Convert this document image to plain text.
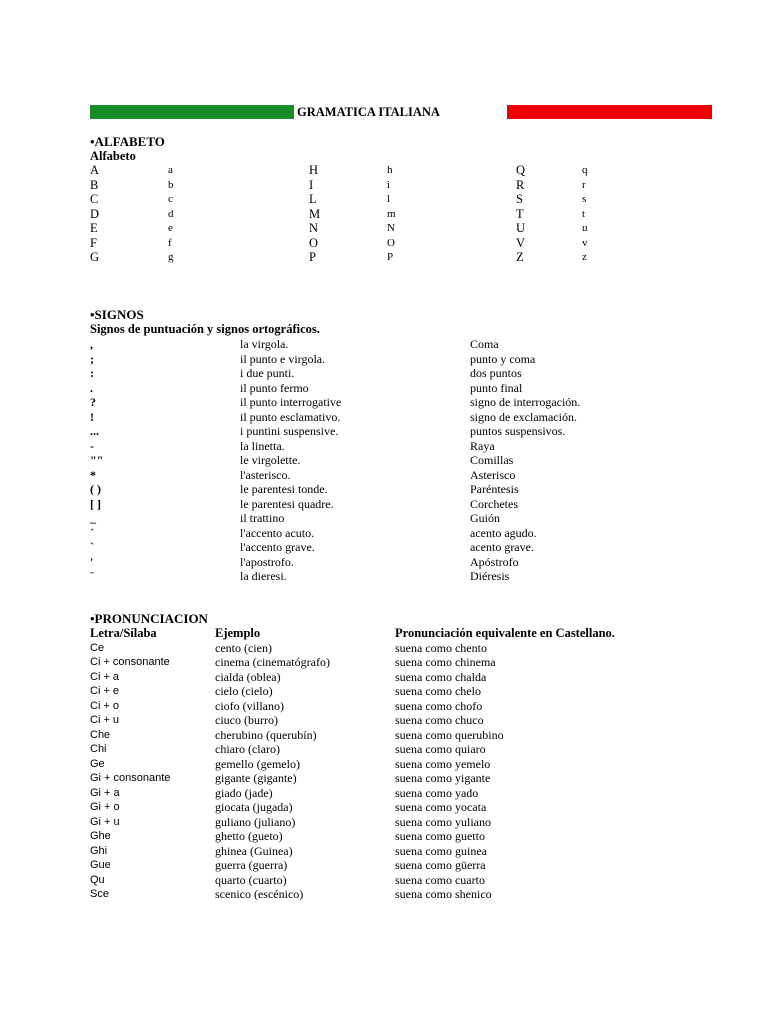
GRAMATICA ITALIANA
•ALFABETO
Alfabeto
A	a	H	h	Q	q
B	b	I	i	R	r
C	c	L	l	S	s
D	d	M	m	T	t
E	e	N	N	U	u
F	f	O	O	V	v
G	g	P	P	Z	z
•SIGNOS
Signos de puntuación y signos ortográficos.
,	la virgola.	Coma
;	il punto e virgola.	punto y coma
:	i due punti.	dos puntos
.	il punto fermo	punto final
?	il punto interrogative	signo de interrogación.
!	il punto esclamativo.	signo de exclamación.
...	i puntini suspensive.	puntos suspensivos.
-	la linetta.	Raya
""	le virgolette.	Comillas
*	l'asterisco.	Asterisco
( )	le parentesi tonde.	Paréntesis
[ ]	le parentesi quadre.	Corchetes
_	il trattino	Guión
´	l'accento acuto.	acento agudo.
`	l'accento grave.	acento grave.
'	l'apostrofo.	Apóstrofo
¨	la dieresi.	Diéresis
•PRONUNCIACION
Letra/Sílaba	Ejemplo	Pronunciación equivalente en Castellano.
Ce	cento (cien)	suena como chento
Ci + consonante	cinema (cinematógrafo)	suena como chinema
Ci + a	cialda (oblea)	suena como chalda
Ci + e	cielo (cielo)	suena como chelo
Ci + o	ciofo (villano)	suena como chofo
Ci + u	ciuco (burro)	suena como chuco
Che	cherubino (querubín)	suena como querubino
Chi	chiaro (claro)	suena como quiaro
Ge	gemello (gemelo)	suena como yemelo
Gi + consonante	gigante (gigante)	suena como yigante
Gi + a	giado (jade)	suena como yado
Gi + o	giocata (jugada)	suena como yocata
Gi + u	guliano (juliano)	suena como yuliano
Ghe	ghetto (gueto)	suena como guetto
Ghi	ghinea (Guinea)	suena como guinea
Gue	guerra (guerra)	suena como güerra
Qu	quarto (cuarto)	suena como cuarto
Sce	scenico (escénico)	suena como shenico
